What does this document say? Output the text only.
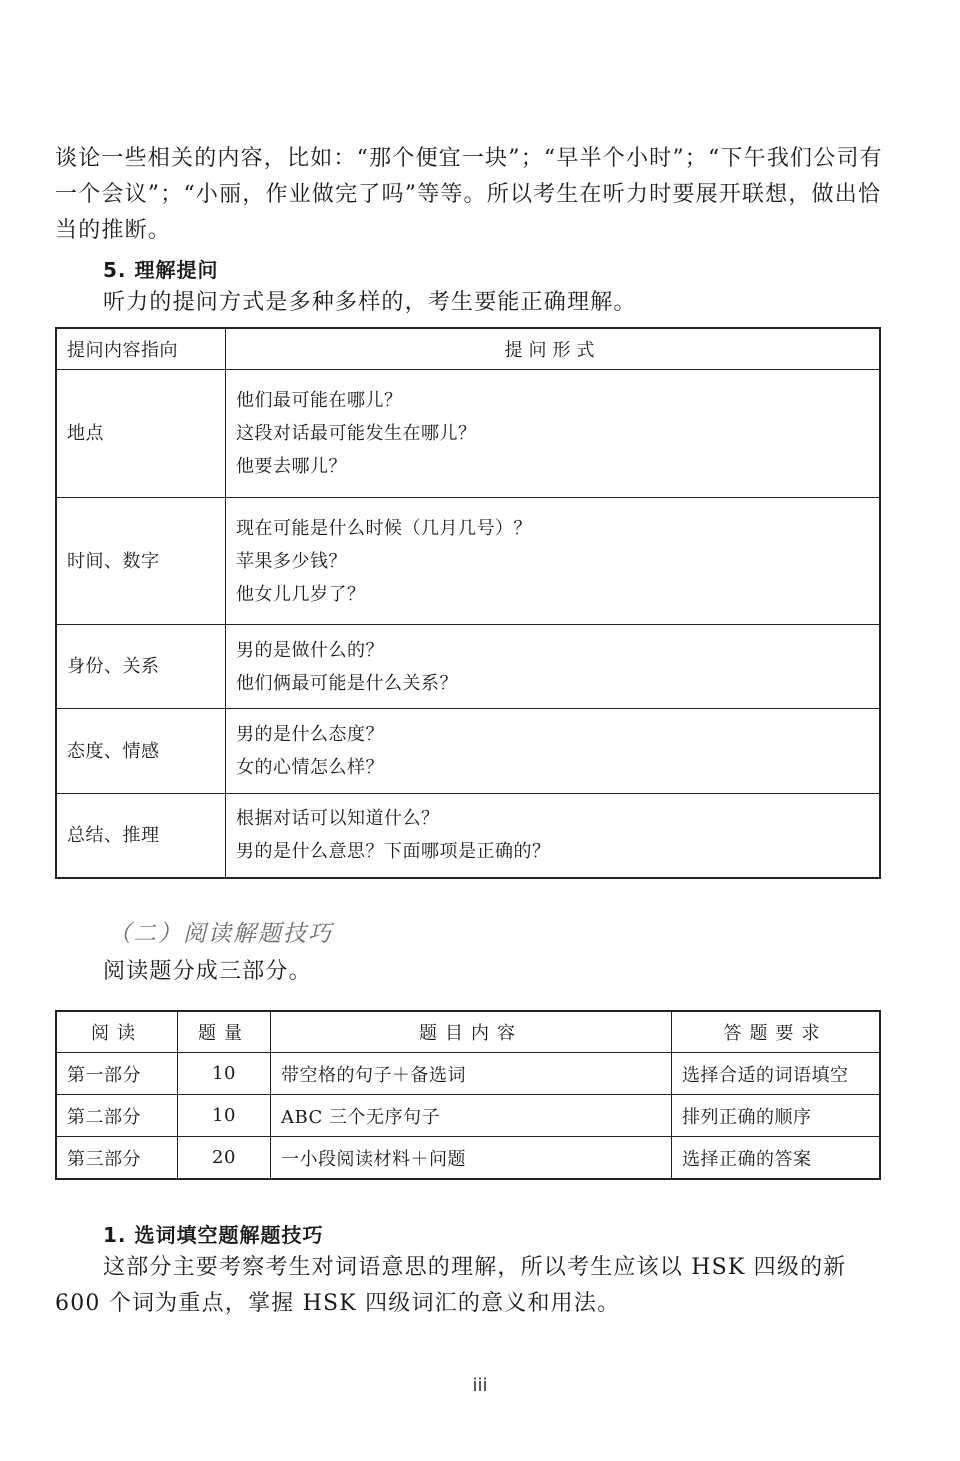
谈论一些相关的内容，比如：“那个便宜一块”；“早半个小时”；“下午我们公司有一个会议”；“小丽，作业做完了吗”等等。所以考生在听力时要展开联想，做出恰当的推断。
5. 理解提问
听力的提问方式是多种多样的，考生要能正确理解。
提问内容指向	提问形式
地点	他们最可能在哪儿？
这段对话最可能发生在哪儿？
他要去哪儿？

时间、数字	现在可能是什么时候（几月几号）？
苹果多少钱？
他女儿几岁了？

身份、关系	男的是做什么的？
他们俩最可能是什么关系？

态度、情感	男的是什么态度？
女的心情怎么样？

总结、推理	根据对话可以知道什么？
男的是什么意思？下面哪项是正确的？
（二）阅读解题技巧
阅读题分成三部分。
阅读	题量	题目内容	答题要求
第一部分	10	带空格的句子＋备选词	选择合适的词语填空
第二部分	10	ABC 三个无序句子	排列正确的顺序
第三部分	20	一小段阅读材料＋问题	选择正确的答案
1. 选词填空题解题技巧
这部分主要考察考生对词语意思的理解，所以考生应该以 HSK 四级的新 600 个词为重点，掌握 HSK 四级词汇的意义和用法。
iii
